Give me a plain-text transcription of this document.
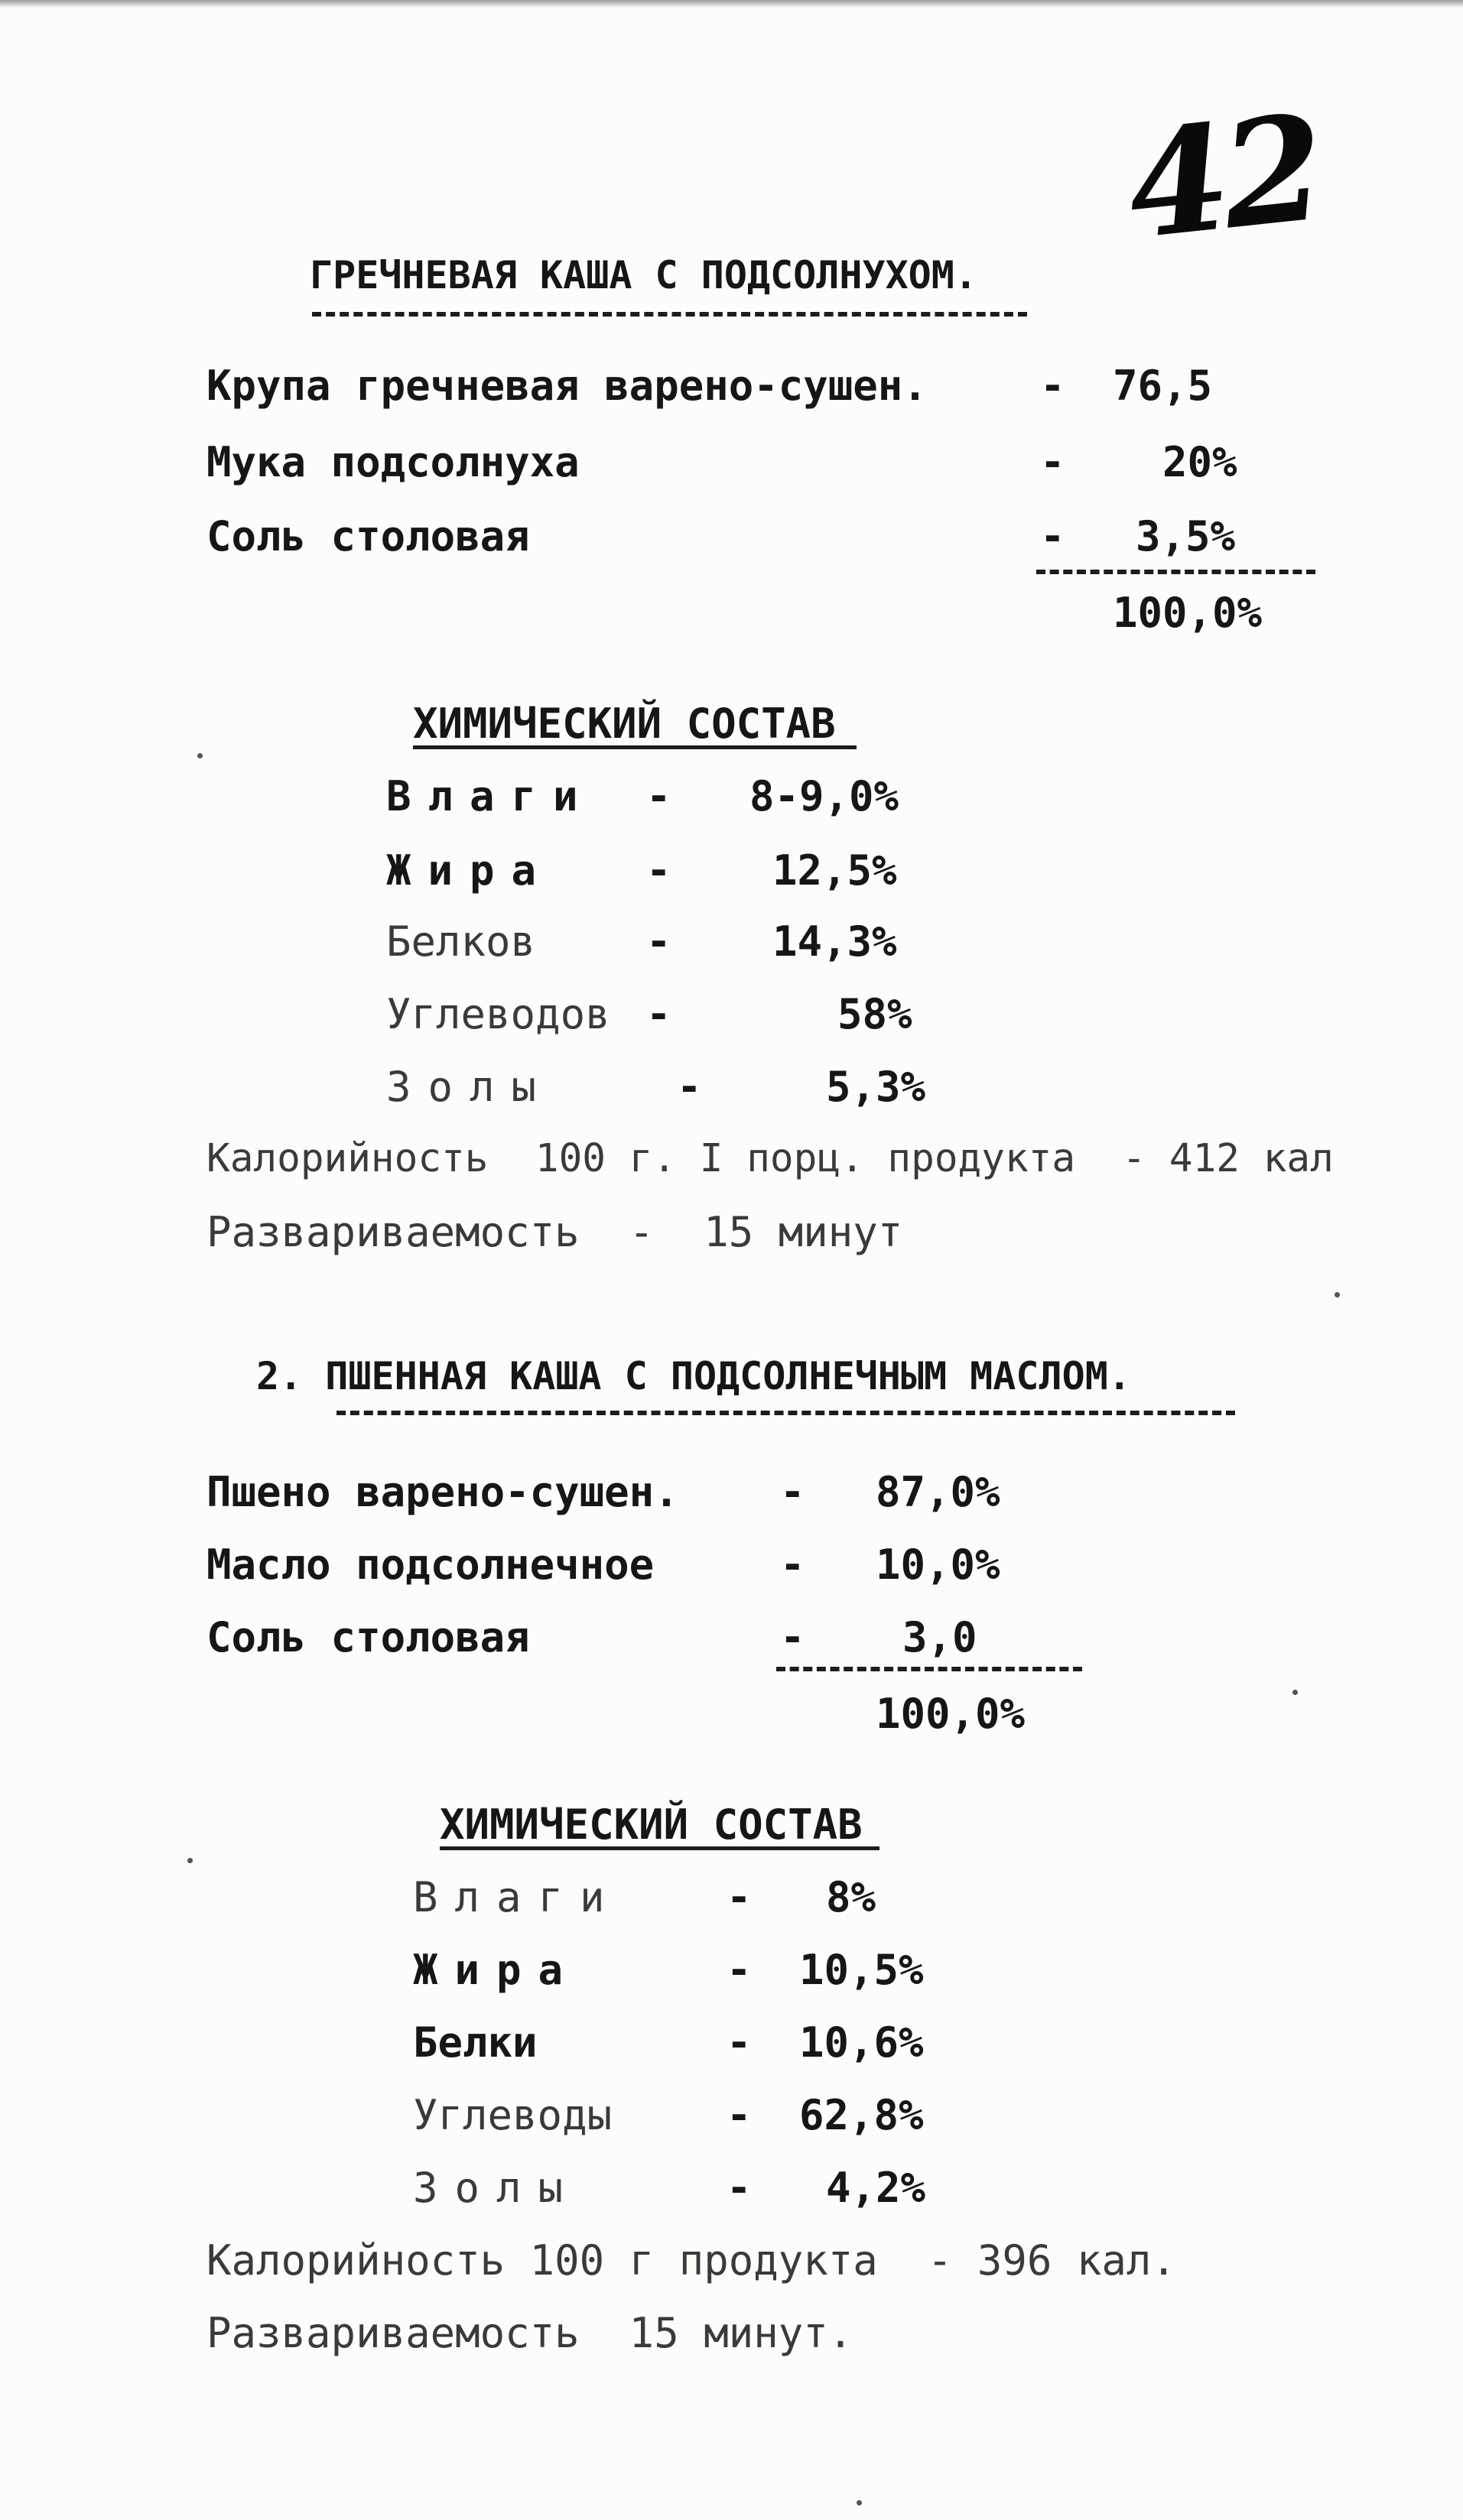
42
ГРЕЧНЕВАЯ КАША С ПОДСОЛНУХОМ.
Крупа гречневая варено-сушен.	- 76,5
Мука подсолнуха	- 20%
Соль столовая	- 3,5%
100,0%
ХИМИЧЕСКИЙ СОСТАВ
Влаги - 8-9,0%
Жира - 12,5%
Белков	- 14,3%
Углеводов -	58%
Золы	-	5,3%
Калорийность  100 г. I порц. продукта  - 412 кал
Развариваемость  -  15 минут
2. ПШЕННАЯ КАША С ПОДСОЛНЕЧНЫМ МАСЛОМ.
Пшено варено-сушен. - 87,0%
Масло подсолнечное	- 10,0%
Соль столовая	- 3,0
100,0%
ХИМИЧЕСКИЙ СОСТАВ
Влаги	- 8%
Жира	- 10,5%
Белки	- 10,6%
Углеводы	- 62,8%
Золы	- 4,2%
Калорийность 100 г продукта  - 396 кал.
Развариваемость  15 минут.
